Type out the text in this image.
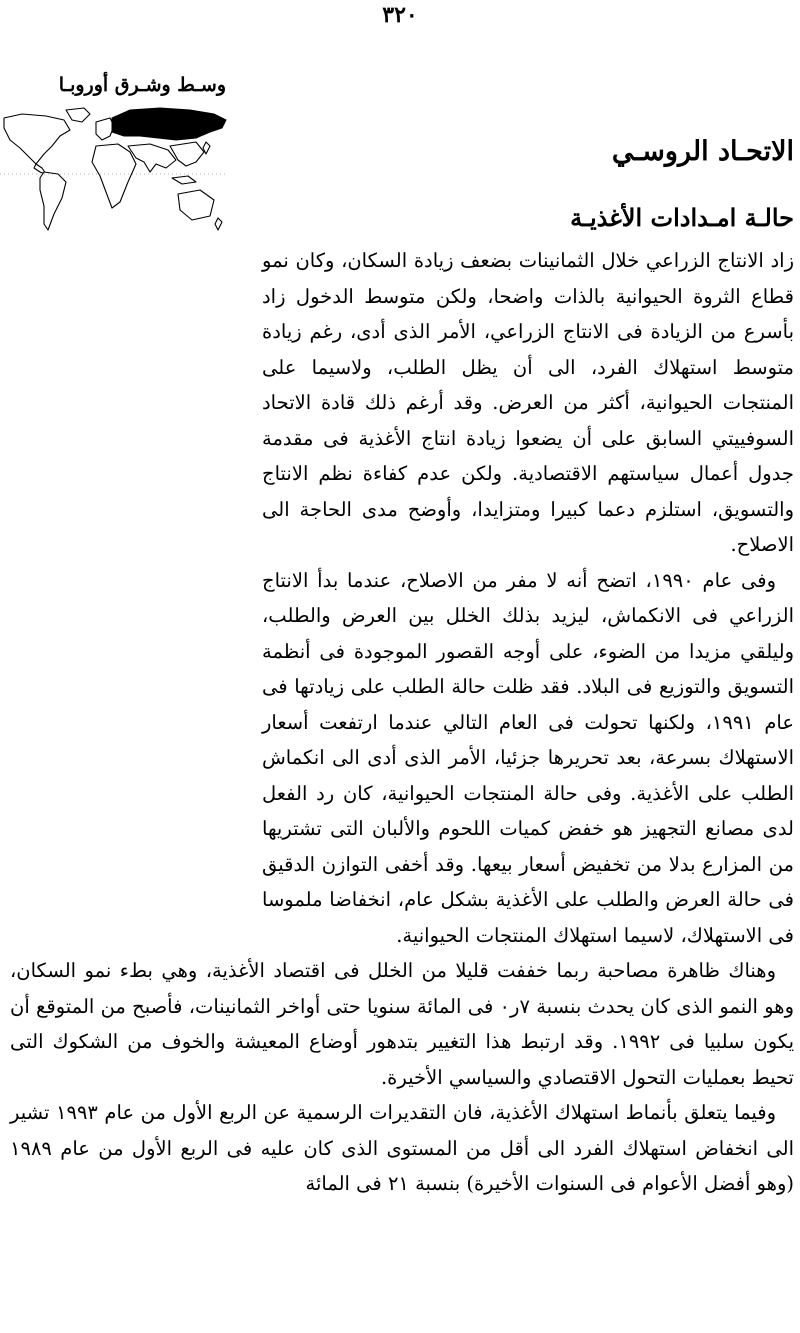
٣٢٠
وسـط وشـرق أوروبـا
الاتحـاد الروسـي
حالـة امـدادات الأغذيـة

زاد الانتاج الزراعي خلال الثمانينات بضعف زيادة السكان، وكان نمو قطاع الثروة الحيوانية بالذات واضحا، ولكن متوسط الدخول زاد بأسرع من الزيادة فى الانتاج الزراعي، الأمر الذى أدى، رغم زيادة متوسط استهلاك الفرد، الى أن يظل الطلب، ولاسيما على المنتجات الحيوانية، أكثر من العرض. وقد أرغم ذلك قادة الاتحاد السوفييتي السابق على أن يضعوا زيادة انتاج الأغذية فى مقدمة جدول أعمال سياستهم الاقتصادية. ولكن عدم كفاءة نظم الانتاج والتسويق، استلزم دعما كبيرا ومتزايدا، وأوضح مدى الحاجة الى الاصلاح.

وفى عام ١٩٩٠، اتضح أنه لا مفر من الاصلاح، عندما بدأ الانتاج الزراعي فى الانكماش، ليزيد بذلك الخلل بين العرض والطلب، وليلقي مزيدا من الضوء، على أوجه القصور الموجودة فى أنظمة التسويق والتوزيع فى البلاد. فقد ظلت حالة الطلب على زيادتها فى عام ١٩٩١، ولكنها تحولت فى العام التالي عندما ارتفعت أسعار الاستهلاك بسرعة، بعد تحريرها جزئيا، الأمر الذى أدى الى انكماش الطلب على الأغذية. وفى حالة المنتجات الحيوانية، كان رد الفعل لدى مصانع التجهيز هو خفض كميات اللحوم والألبان التى تشتريها من المزارع بدلا من تخفيض أسعار بيعها. وقد أخفى التوازن الدقيق فى حالة العرض والطلب على الأغذية بشكل عام، انخفاضا ملموسا فى الاستهلاك، لاسيما استهلاك المنتجات الحيوانية.

وهناك ظاهرة مصاحبة ربما خففت قليلا من الخلل فى اقتصاد الأغذية، وهي بطء نمو السكان، وهو النمو الذى كان يحدث بنسبة ٧ر٠ فى المائة سنويا حتى أواخر الثمانينات، فأصبح من المتوقع أن يكون سلبيا فى ١٩٩٢. وقد ارتبط هذا التغيير بتدهور أوضاع المعيشة والخوف من الشكوك التى تحيط بعمليات التحول الاقتصادي والسياسي الأخيرة.

وفيما يتعلق بأنماط استهلاك الأغذية، فان التقديرات الرسمية عن الربع الأول من عام ١٩٩٣ تشير الى انخفاض استهلاك الفرد الى أقل من المستوى الذى كان عليه فى الربع الأول من عام ١٩٨٩ (وهو أفضل الأعوام فى السنوات الأخيرة) بنسبة ٢١ فى المائة
